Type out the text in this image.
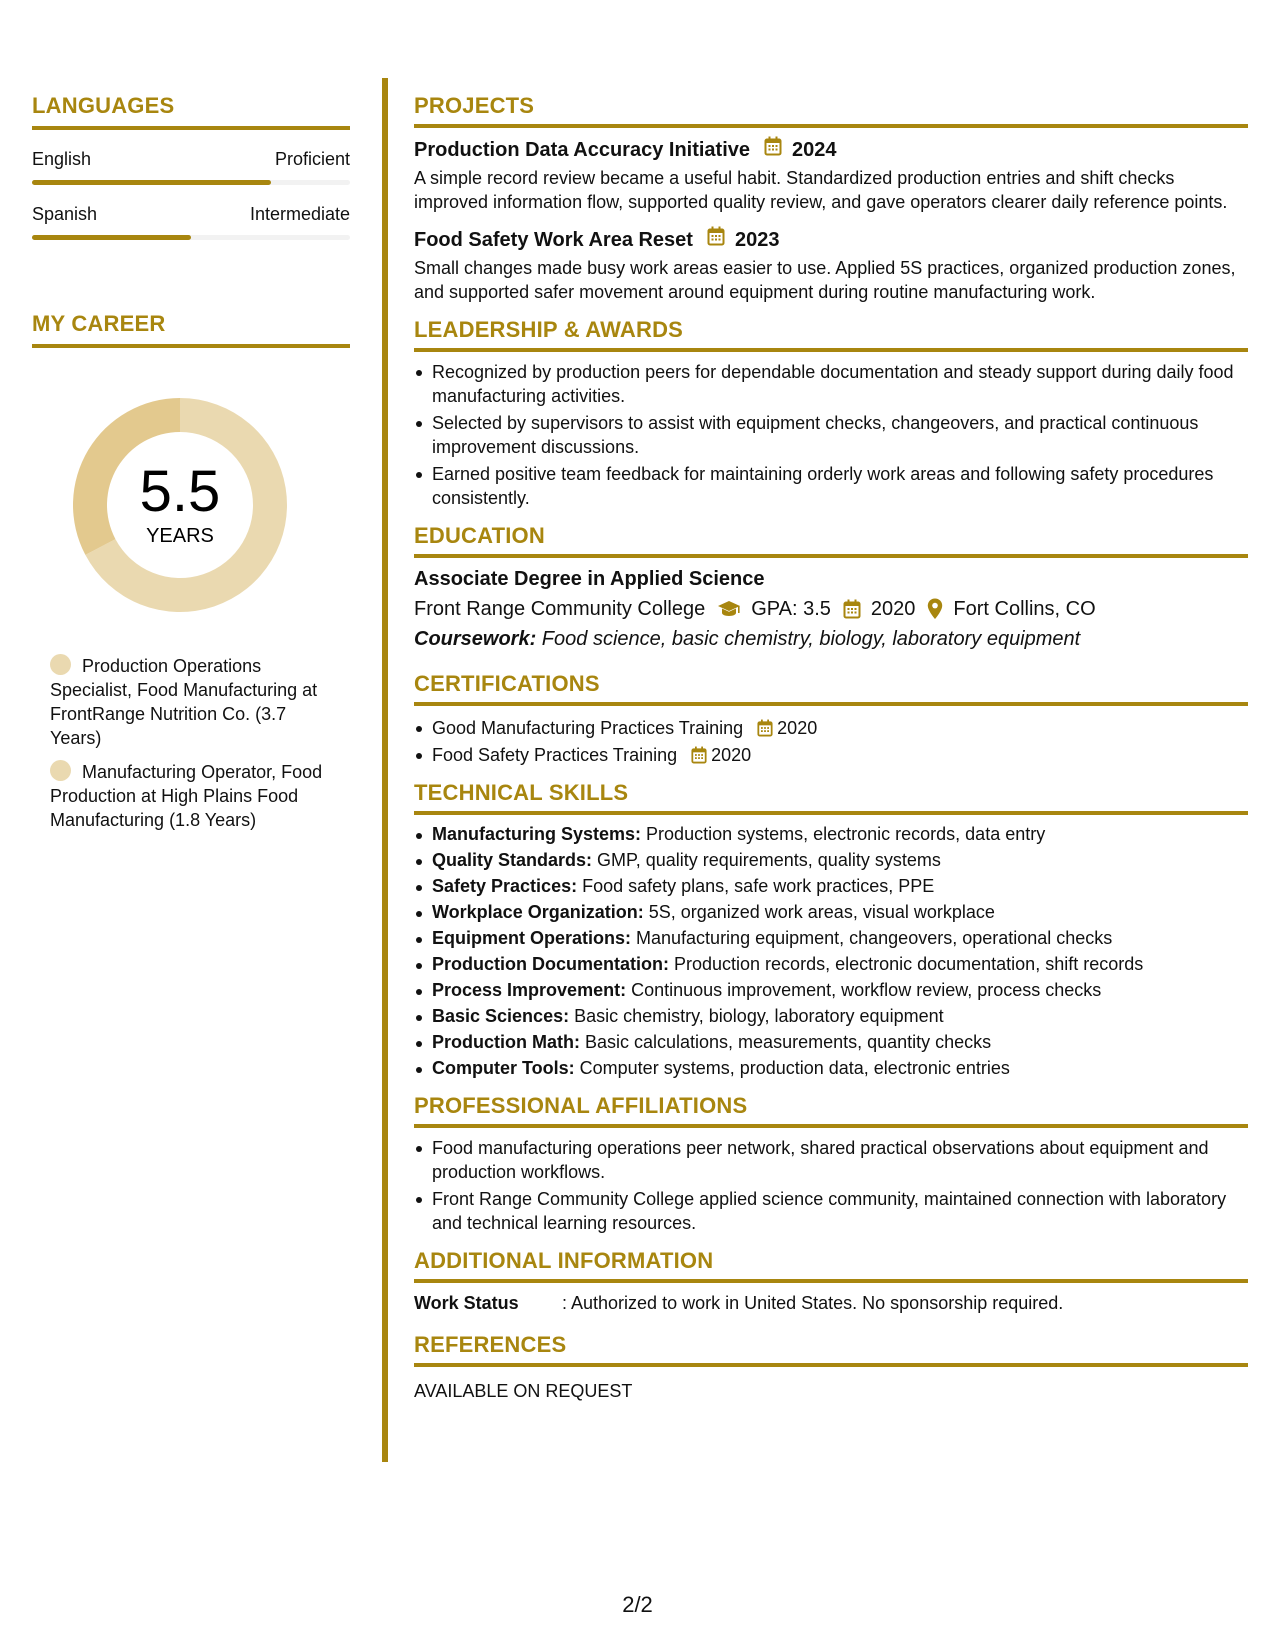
LANGUAGES
English	Proficient
Spanish	Intermediate
MY CAREER
5.5
YEARS
Production Operations Specialist, Food Manufacturing at FrontRange Nutrition Co. (3.7 Years)
Manufacturing Operator, Food Production at High Plains Food Manufacturing (1.8 Years)
PROJECTS
Production Data Accuracy Initiative 2024
A simple record review became a useful habit. Standardized production entries and shift checks improved information flow, supported quality review, and gave operators clearer daily reference points.
Food Safety Work Area Reset 2023
Small changes made busy work areas easier to use. Applied 5S practices, organized production zones, and supported safer movement around equipment during routine manufacturing work.
LEADERSHIP & AWARDS
Recognized by production peers for dependable documentation and steady support during daily food manufacturing activities.
Selected by supervisors to assist with equipment checks, changeovers, and practical continuous improvement discussions.
Earned positive team feedback for maintaining orderly work areas and following safety procedures consistently.
EDUCATION
Associate Degree in Applied Science
Front Range Community College GPA: 3.5 2020 Fort Collins, CO
Coursework: Food science, basic chemistry, biology, laboratory equipment
CERTIFICATIONS
Good Manufacturing Practices Training 2020
Food Safety Practices Training 2020
TECHNICAL SKILLS
Manufacturing Systems: Production systems, electronic records, data entry
Quality Standards: GMP, quality requirements, quality systems
Safety Practices: Food safety plans, safe work practices, PPE
Workplace Organization: 5S, organized work areas, visual workplace
Equipment Operations: Manufacturing equipment, changeovers, operational checks
Production Documentation: Production records, electronic documentation, shift records
Process Improvement: Continuous improvement, workflow review, process checks
Basic Sciences: Basic chemistry, biology, laboratory equipment
Production Math: Basic calculations, measurements, quantity checks
Computer Tools: Computer systems, production data, electronic entries
PROFESSIONAL AFFILIATIONS
Food manufacturing operations peer network, shared practical observations about equipment and production workflows.
Front Range Community College applied science community, maintained connection with laboratory and technical learning resources.
ADDITIONAL INFORMATION
Work Status	: Authorized to work in United States. No sponsorship required.
REFERENCES
AVAILABLE ON REQUEST
2/2
